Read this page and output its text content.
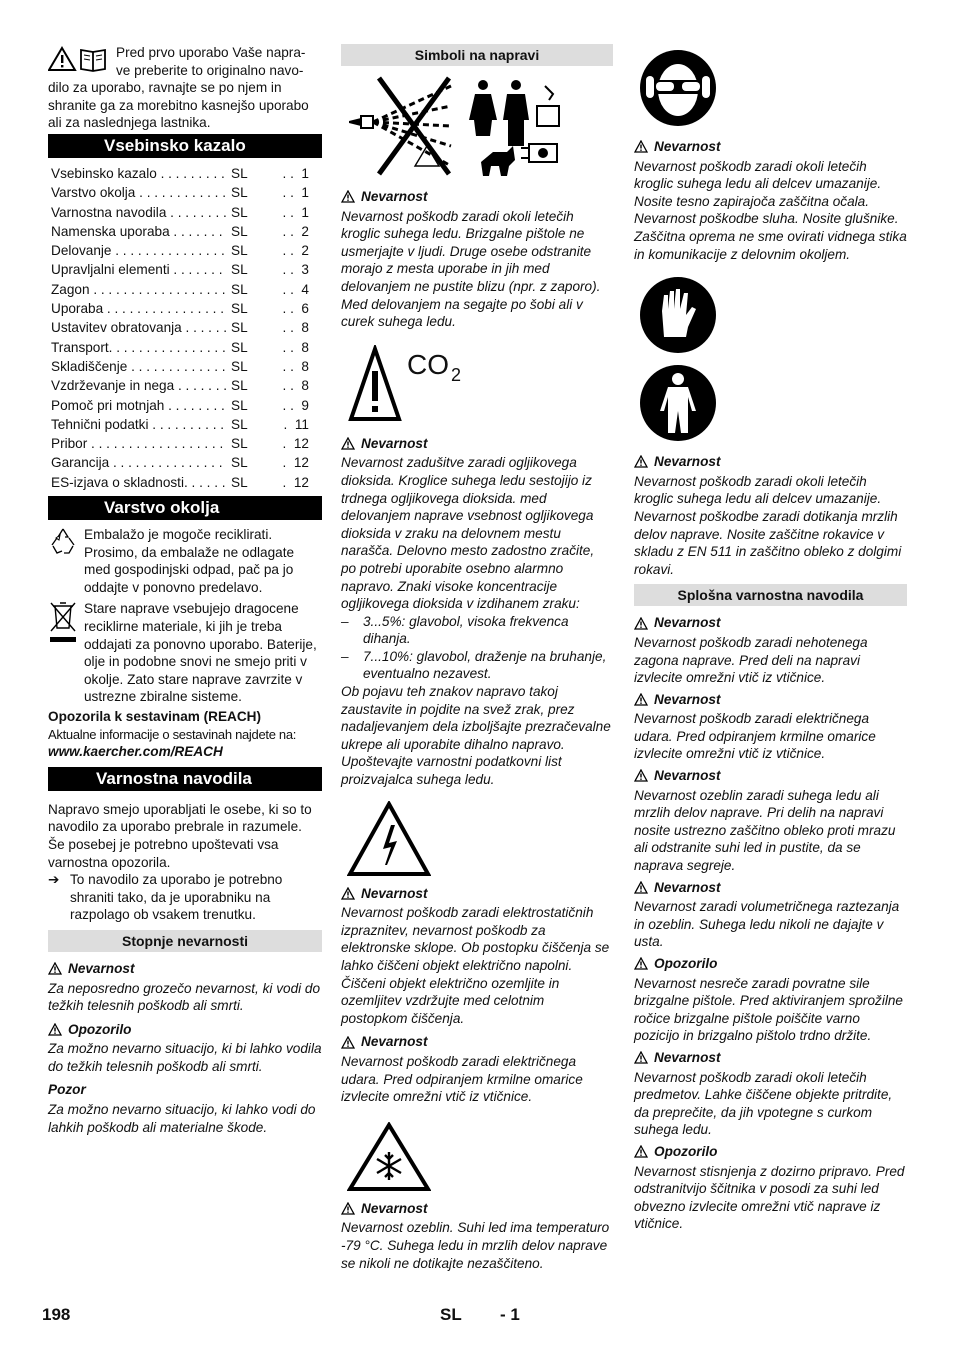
Pred prvo uporabo Vaše napra-

ve preberite to originalno navo-

dilo za uporabo, ravnajte se po njem in shranite ga za morebitno kasnejšo uporabo ali za naslednjega lastnika.

Vsebinsko kazalo
Vsebinsko kazalo . . .	SL	. .  1
Varstvo okolja . . .	SL	. .  1
Varnostna navodila . . .	SL	. .  1
Namenska uporaba . . .	SL	. .  2
Delovanje . . .	SL	. .  2
Upravljalni elementi . . .	SL	. .  3
Zagon . . .	SL	. .  4
Uporaba . . .	SL	. .  6
Ustavitev obratovanja . . .	SL	. .  8
Transport. . . .	SL	. .  8
Skladiščenje . . .	SL	. .  8
Vzdrževanje in nega . . .	SL	. .  8
Pomoč pri motnjah . . .	SL	. .  9
Tehnični podatki . . .	SL	.  11
Pribor . . .	SL	.  12
Garancija . . .	SL	.  12
ES-izjava o skladnosti. . . .	SL	.  12
Varstvo okolja

Embalažo je mogoče reciklirati. Prosimo, da embalaže ne odlagate med gospodinjski odpad, pač pa jo oddajte v ponovno predelavo.

Stare naprave vsebujejo dragocene reciklirne materiale, ki jih je treba oddajati za ponovno uporabo. Baterije, olje in podobne snovi ne smejo priti v okolje. Zato stare naprave zavrzite v ustrezne zbiralne sisteme.

Opozorila k sestavinam (REACH)

Aktualne informacije o sestavinah najdete na:

www.kaercher.com/REACH

Varnostna navodila

Napravo smejo uporabljati le osebe, ki so to navodilo za uporabo prebrale in razumele. Še posebej je potrebno upoštevati vsa varnostna opozorila.

➔ To navodilo za uporabo je potrebno shraniti tako, da je uporabniku na razpolago ob vsakem trenutku.

Stopnje nevarnosti
Nevarnost

Za neposredno grozečo nevarnost, ki vodi do težkih telesnih poškodb ali smrti.

Opozorilo

Za možno nevarno situacijo, ki bi lahko vodila do težkih telesnih poškodb ali smrti.

Pozor

Za možno nevarno situacijo, ki lahko vodi do lahkih poškodb ali materialne škode.

Simboli na napravi
Nevarnost

Nevarnost poškodb zaradi okoli letečih kroglic suhega ledu. Brizgalne pištole ne usmerjajte v ljudi. Druge osebe odstranite morajo z mesta uporabe in jih med delovanjem ne pustite blizu (npr. z zaporo). Med delovanjem na segajte po šobi ali v curek suhega ledu.

CO 2
Nevarnost

Nevarnost zadušitve zaradi ogljikovega dioksida. Kroglice suhega ledu sestojijo iz trdnega ogljikovega dioksida. med delovanjem naprave vsebnost ogljikovega dioksida v zraku na delovnem mestu narašča. Delovno mesto zadostno zračite, po potrebi uporabite osebno alarmno napravo. Znaki visoke koncentracije ogljikovega dioksida v izdihanem zraku:

–	3...5%: glavobol, visoka frekvenca dihanja.

–	7...10%: glavobol, draženje na bruhanje, eventualno nezavest.

Ob pojavu teh znakov napravo takoj zaustavite in pojdite na svež zrak, prez nadaljevanjem dela izboljšajte prezračevalne ukrepe ali uporabite dihalno napravo. Upoštevajte varnostni podatkovni list proizvajalca suhega ledu.

Nevarnost

Nevarnost poškodb zaradi elektrostatičnih izpraznitev, nevarnost poškodb za elektronske sklope. Ob postopku čiščenja se lahko čiščeni objekt električno napolni. Čiščeni objekt električno ozemljite in ozemljitev vzdržujte med celotnim postopkom čiščenja.

Nevarnost

Nevarnost poškodb zaradi električnega udara. Pred odpiranjem krmilne omarice izvlecite omrežni vtič iz vtičnice.

Nevarnost

Nevarnost ozeblin. Suhi led ima temperaturo -79 °C. Suhega ledu in mrzlih delov naprave se nikoli ne dotikajte nezaščiteno.

Nevarnost

Nevarnost poškodb zaradi okoli letečih kroglic suhega ledu ali delcev umazanije. Nosite tesno zapirajoča zaščitna očala. Nevarnost poškodbe sluha. Nosite glušnike. Zaščitna oprema ne sme ovirati vidnega stika in komunikacije z delovnim okoljem.

Nevarnost

Nevarnost poškodb zaradi okoli letečih kroglic suhega ledu ali delcev umazanije. Nevarnost poškodbe zaradi dotikanja mrzlih delov naprave. Nosite zaščitne rokavice v skladu z EN 511 in zaščitno obleko z dolgimi rokavi.

Splošna varnostna navodila
Nevarnost

Nevarnost poškodb zaradi nehotenega zagona naprave. Pred deli na napravi izvlecite omrežni vtič iz vtičnice.

Nevarnost

Nevarnost poškodb zaradi električnega udara. Pred odpiranjem krmilne omarice izvlecite omrežni vtič iz vtičnice.

Nevarnost

Nevarnost ozeblin zaradi suhega ledu ali mrzlih delov naprave. Pri delih na napravi nosite ustrezno zaščitno obleko proti mrazu ali odstranite suhi led in pustite, da se naprava segreje.

Nevarnost

Nevarnost zaradi volumetričnega raztezanja in ozeblin. Suhega ledu nikoli ne dajajte v usta.

Opozorilo

Nevarnost nesreče zaradi povratne sile brizgalne pištole. Pred aktiviranjem sprožilne ročice brizgalne pištole poiščite varno pozicijo in brizgalno pištolo trdno držite.

Nevarnost

Nevarnost poškodb zaradi okoli letečih predmetov. Lahke čiščene objekte pritrdite, da preprečite, da jih vpotegne s curkom suhega ledu.

Opozorilo

Nevarnost stisnjenja z dozirno pripravo. Pred odstranitvijo ščitnika v posodi za suhi led obvezno izvlecite omrežni vtič naprave iz vtičnice.

198	SL - 1
